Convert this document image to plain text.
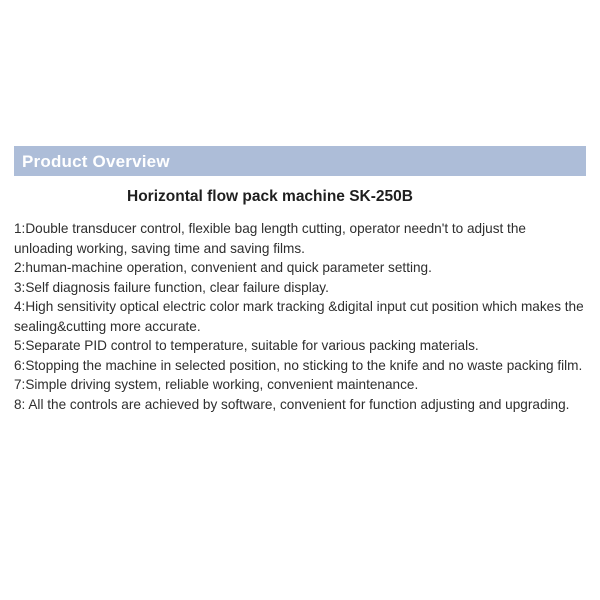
Product Overview
Horizontal flow pack machine SK-250B

1:Double transducer control, flexible bag length cutting, operator needn't to adjust the unloading working, saving time and saving films.

2:human-machine operation, convenient and quick parameter setting.

3:Self diagnosis failure function, clear failure display.

4:High sensitivity optical electric color mark tracking &digital input cut position which makes the sealing&cutting more accurate.

5:Separate PID control to temperature, suitable for various packing materials.

6:Stopping the machine in selected position, no sticking to the knife and no waste packing film.

7:Simple driving system, reliable working, convenient maintenance.

8: All the controls are achieved by software, convenient for function adjusting and upgrading.
